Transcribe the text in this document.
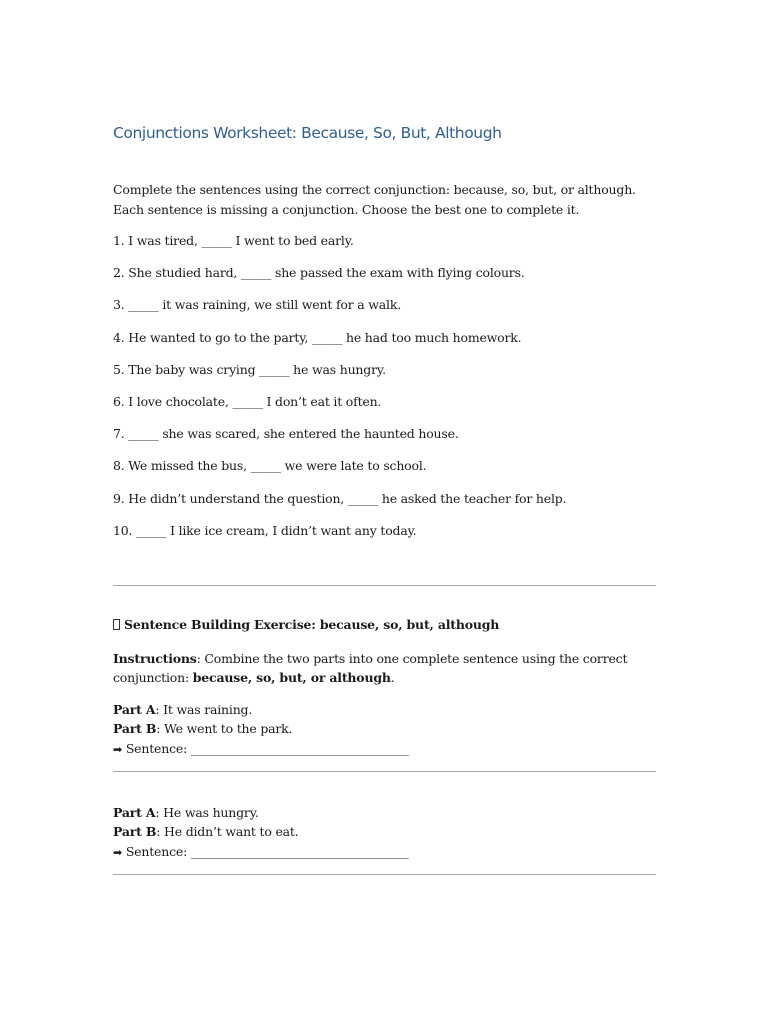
Conjunctions Worksheet: Because, So, But, Although

Complete the sentences using the correct conjunction: because, so, but, or although. Each sentence is missing a conjunction. Choose the best one to complete it.

1. I was tired, _____ I went to bed early.
2. She studied hard, _____ she passed the exam with flying colours.
3. _____ it was raining, we still went for a walk.
4. He wanted to go to the party, _____ he had too much homework.
5. The baby was crying _____ he was hungry.
6. I love chocolate, _____ I don’t eat it often.
7. _____ she was scared, she entered the haunted house.
8. We missed the bus, _____ we were late to school.
9. He didn’t understand the question, _____ he asked the teacher for help.
10. _____ I like ice cream, I didn’t want any today.
Sentence Building Exercise: because, so, but, although

Instructions: Combine the two parts into one complete sentence using the correct conjunction: because, so, but, or although.

Part A: It was raining.
Part B: We went to the park.
➡ Sentence: ____________________________________
Part A: He was hungry.
Part B: He didn’t want to eat.
➡ Sentence: ____________________________________
